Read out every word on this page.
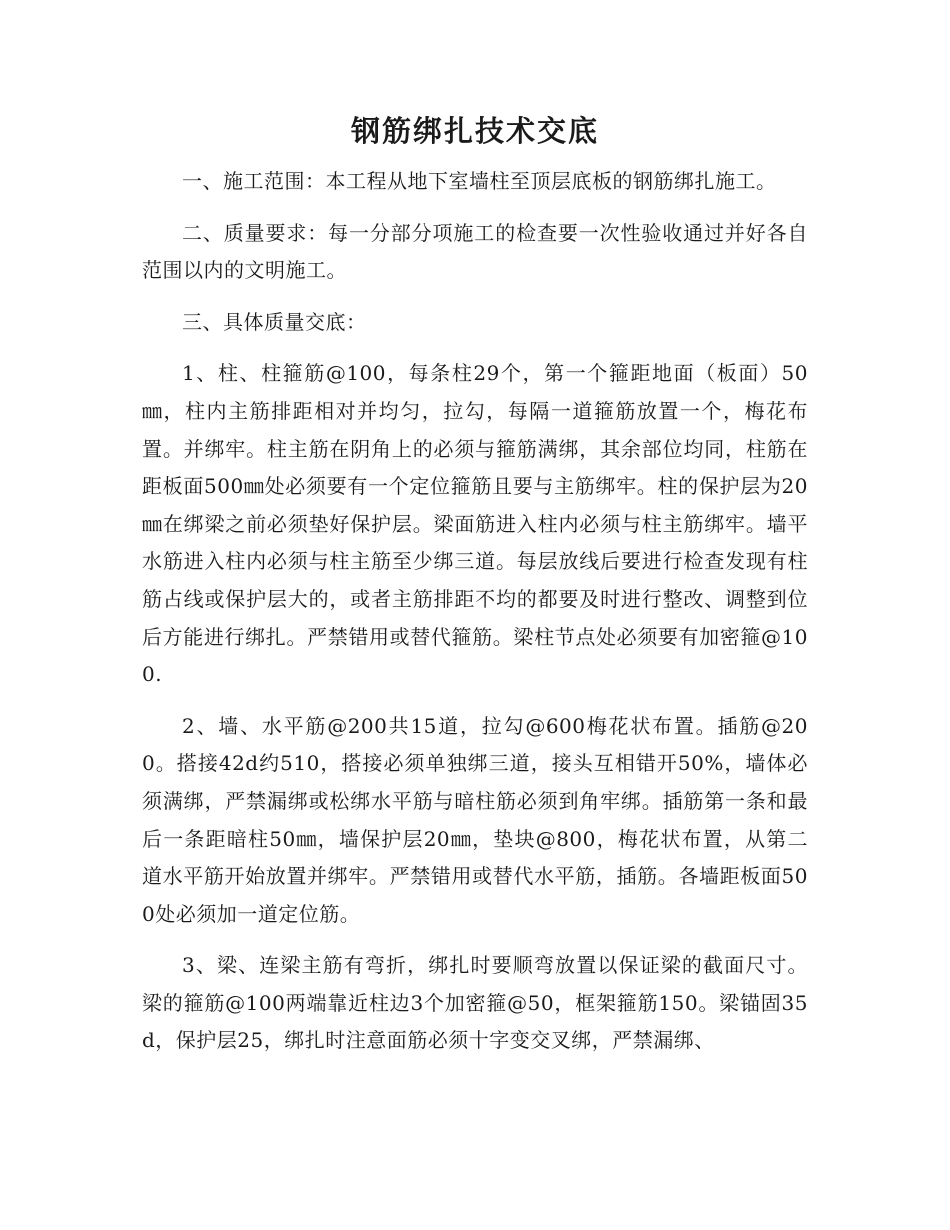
钢筋绑扎技术交底

一、施工范围：本工程从地下室墙柱至顶层底板的钢筋绑扎施工。

二、质量要求：每一分部分项施工的检查要一次性验收通过并好各自范围以内的文明施工。

三、具体质量交底：

1、柱、柱箍筋@100，每条柱29个，第一个箍距地面（板面）50㎜，柱内主筋排距相对并均匀，拉勾，每隔一道箍筋放置一个，梅花布置。并绑牢。柱主筋在阴角上的必须与箍筋满绑，其余部位均同，柱筋在距板面500㎜处必须要有一个定位箍筋且要与主筋绑牢。柱的保护层为20㎜在绑梁之前必须垫好保护层。梁面筋进入柱内必须与柱主筋绑牢。墙平水筋进入柱内必须与柱主筋至少绑三道。每层放线后要进行检查发现有柱筋占线或保护层大的，或者主筋排距不均的都要及时进行整改、调整到位后方能进行绑扎。严禁错用或替代箍筋。梁柱节点处必须要有加密箍@100.

2、墙、水平筋@200共15道，拉勾@600梅花状布置。插筋@200。搭接42d约510，搭接必须单独绑三道，接头互相错开50%，墙体必须满绑，严禁漏绑或松绑水平筋与暗柱筋必须到角牢绑。插筋第一条和最后一条距暗柱50㎜，墙保护层20㎜，垫块@800，梅花状布置，从第二道水平筋开始放置并绑牢。严禁错用或替代水平筋，插筋。各墙距板面500处必须加一道定位筋。

3、梁、连梁主筋有弯折，绑扎时要顺弯放置以保证梁的截面尺寸。梁的箍筋@100两端靠近柱边3个加密箍@50，框架箍筋150。梁锚固35d，保护层25，绑扎时注意面筋必须十字变交叉绑，严禁漏绑、
